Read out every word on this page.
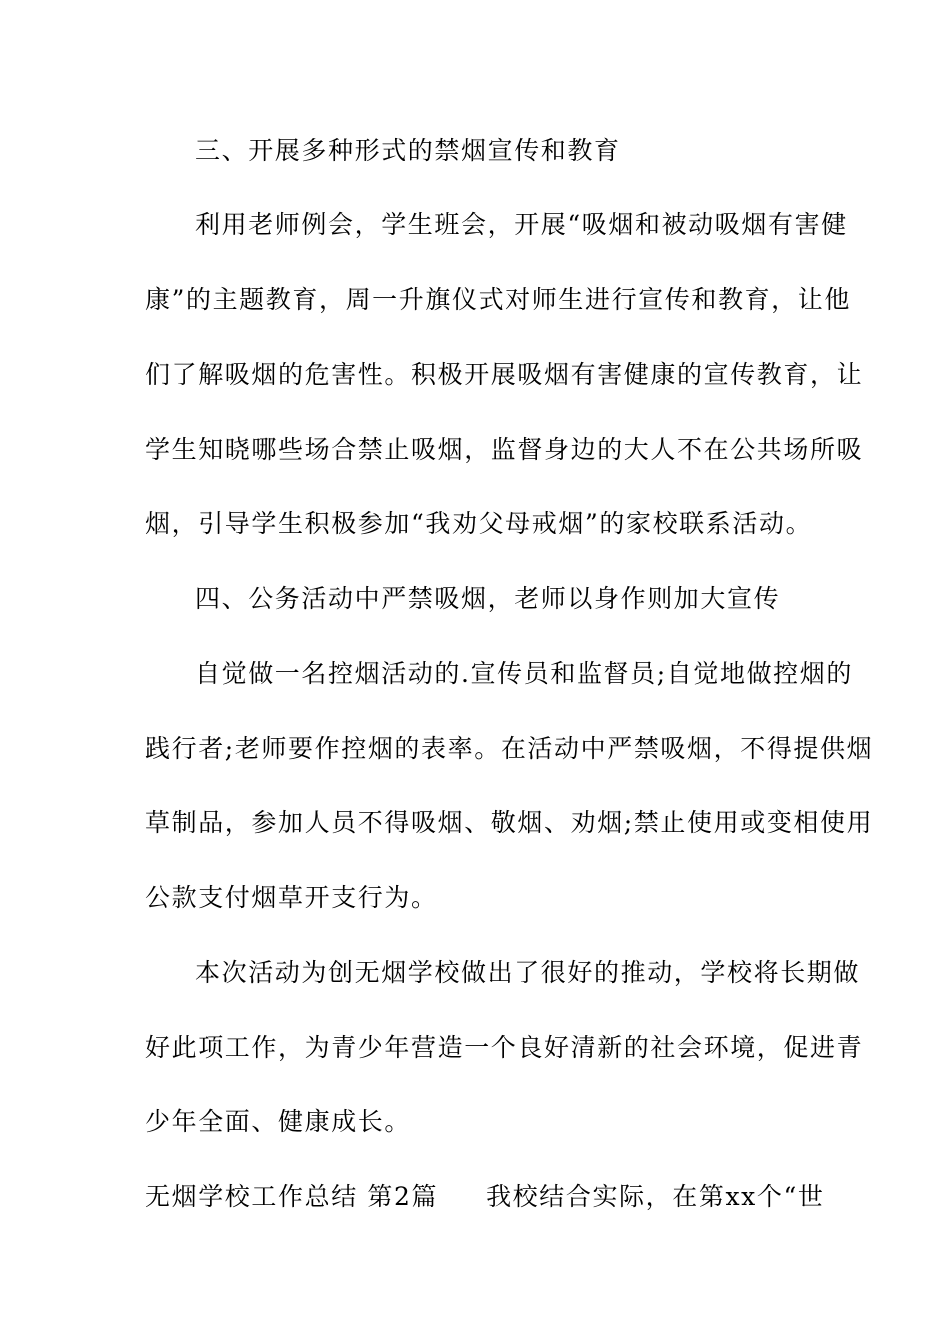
三、开展多种形式的禁烟宣传和教育
利用老师例会，学生班会，开展“吸烟和被动吸烟有害健
康”的主题教育，周一升旗仪式对师生进行宣传和教育，让他
们了解吸烟的危害性。积极开展吸烟有害健康的宣传教育，让
学生知晓哪些场合禁止吸烟，监督身边的大人不在公共场所吸
烟，引导学生积极参加“我劝父母戒烟”的家校联系活动。
四、公务活动中严禁吸烟，老师以身作则加大宣传
自觉做一名控烟活动的.宣传员和监督员;自觉地做控烟的
践行者;老师要作控烟的表率。在活动中严禁吸烟，不得提供烟
草制品，参加人员不得吸烟、敬烟、劝烟;禁止使用或变相使用
公款支付烟草开支行为。
本次活动为创无烟学校做出了很好的推动，学校将长期做
好此项工作，为青少年营造一个良好清新的社会环境，促进青
少年全面、健康成长。
无烟学校工作总结 第2篇 我校结合实际，在第xx个“世
